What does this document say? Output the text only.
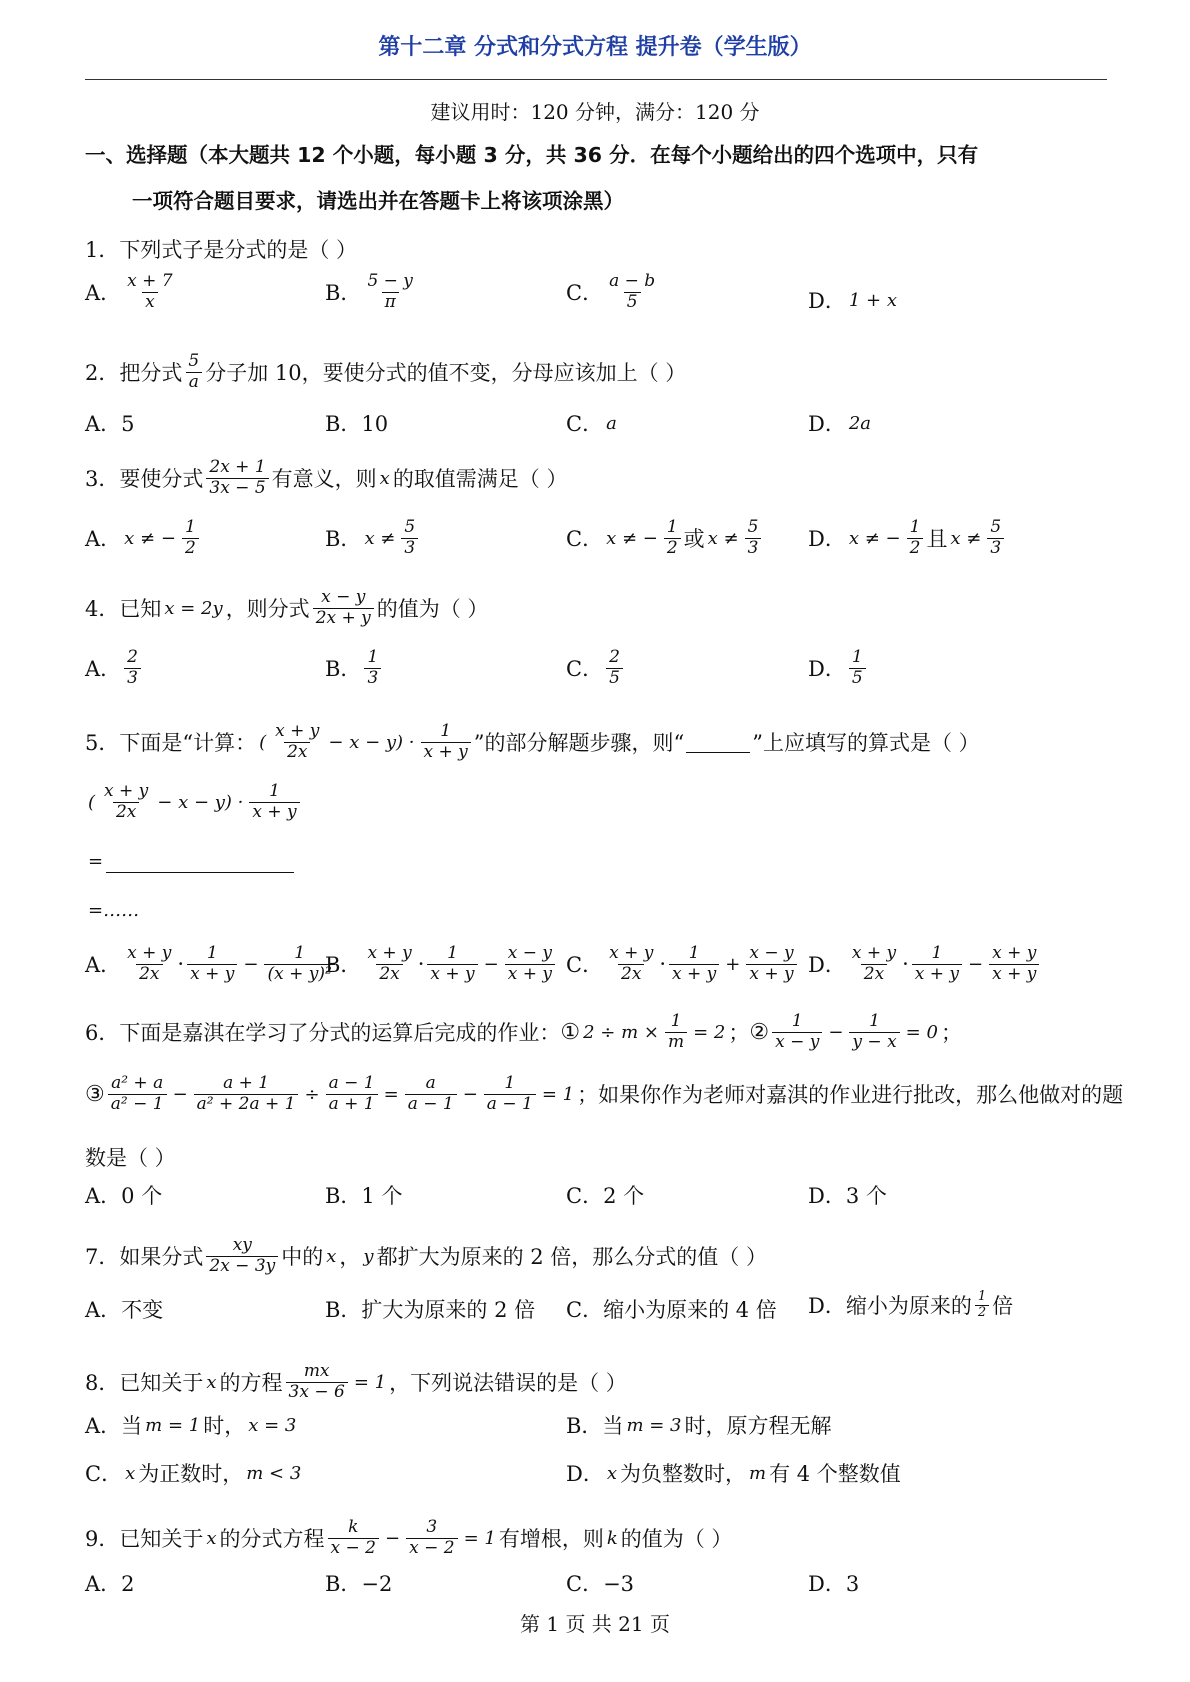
第十二章 分式和分式方程 提升卷（学生版）
建议用时：120 分钟，满分：120 分
一、选择题（本大题共 12 个小题，每小题 3 分，共 36 分．在每个小题给出的四个选项中，只有
一项符合题目要求，请选出并在答题卡上将该项涂黑）
1．下列式子是分式的是（ ）
A． $\frac{x + 7}{x}$	B． $\frac{5 - y}{\pi}$	C． $\frac{a - b}{5}$	D． 1 + x
2．把分式 $\frac{5}{a}$ 分子加 10，要使分式的值不变，分母应该加上（ ）
A．5	B．10	C． a	D． 2a
3．要使分式 $\frac{2x + 1}{3x - 5}$ 有意义，则 x 的取值需满足（ ）
A． x ≠ − $\frac{1}{2}$	B． $x \ne \frac{5}{3}$	C． x ≠ − $\frac{1}{2}$ 或 $x \ne \frac{5}{3}$ D． x ≠ − $\frac{1}{2}$ 且 $x \ne \frac{5}{3}$
4．已知 x = 2y ，则分式 $\frac{x - y}{2x + y}$ 的值为（ ）
A． $\frac{2}{3}$	B． $\frac{1}{3}$	C． $\frac{2}{5}$	D． $\frac{1}{5}$
5．下面是“计算： ( $\frac{x + y}{2x} - x - y) \cdot \frac{1}{x + y}$ ”的部分解题步骤，则“	”上应填写的算式是（ ）
( $\frac{x + y}{2x} - x - y) \cdot \frac{1}{x + y}$
=
=……
A． $\frac{x + y}{2x} \cdot \frac{1}{x + y} - \frac{1}{\text{(x + y)²}}$
B． $\frac{x + y}{2x} \cdot \frac{1}{x + y} - \frac{x - y}{x + y}$ C． $\frac{x + y}{2x} \cdot \frac{1}{x + y} + \frac{x - y}{x + y}$ D． $\frac{x + y}{2x} \cdot \frac{1}{x + y} - \frac{x + y}{x + y}$
6．下面是嘉淇在学习了分式的运算后完成的作业： ① $2 \div m \times \frac{1}{m} = 2$ ； ② $\frac{1}{x - y} - \frac{1}{y - x} = 0$ ；
③ $\frac{\text{a² + a}}{\text{a² − 1}} - \frac{a + 1}{\text{a² + 2a + 1}} \div \frac{a - 1}{a + 1} = \frac{a}{a - 1} - \frac{1}{a - 1} = 1$ ；如果你作为老师对嘉淇的作业进行批改，那么他做对的题
数是（ ）
A．0 个	B．1 个	C．2 个	D．3 个
7．如果分式 $\frac{xy}{2x - 3y}$ 中的 x ， y 都扩大为原来的 2 倍，那么分式的值（ ）
A．不变	B．扩大为原来的 2 倍 C．缩小为原来的 4 倍 D．缩小为原来的 $\frac{1}{2}$ 倍
8．已知关于 x 的方程 $\frac{mx}{3x - 6} = 1$ ，下列说法错误的是（ ）
A．当 m = 1 时， x = 3	B．当 m = 3 时，原方程无解
C． x 为正数时， m < 3	D． x 为负整数时， m 有 4 个整数值
9．已知关于 x 的分式方程 $\frac{k}{x - 2} - \frac{3}{x - 2} = 1$ 有增根，则 k 的值为（ ）
A．2	B．−2	C．−3	D．3
第 1 页 共 21 页
